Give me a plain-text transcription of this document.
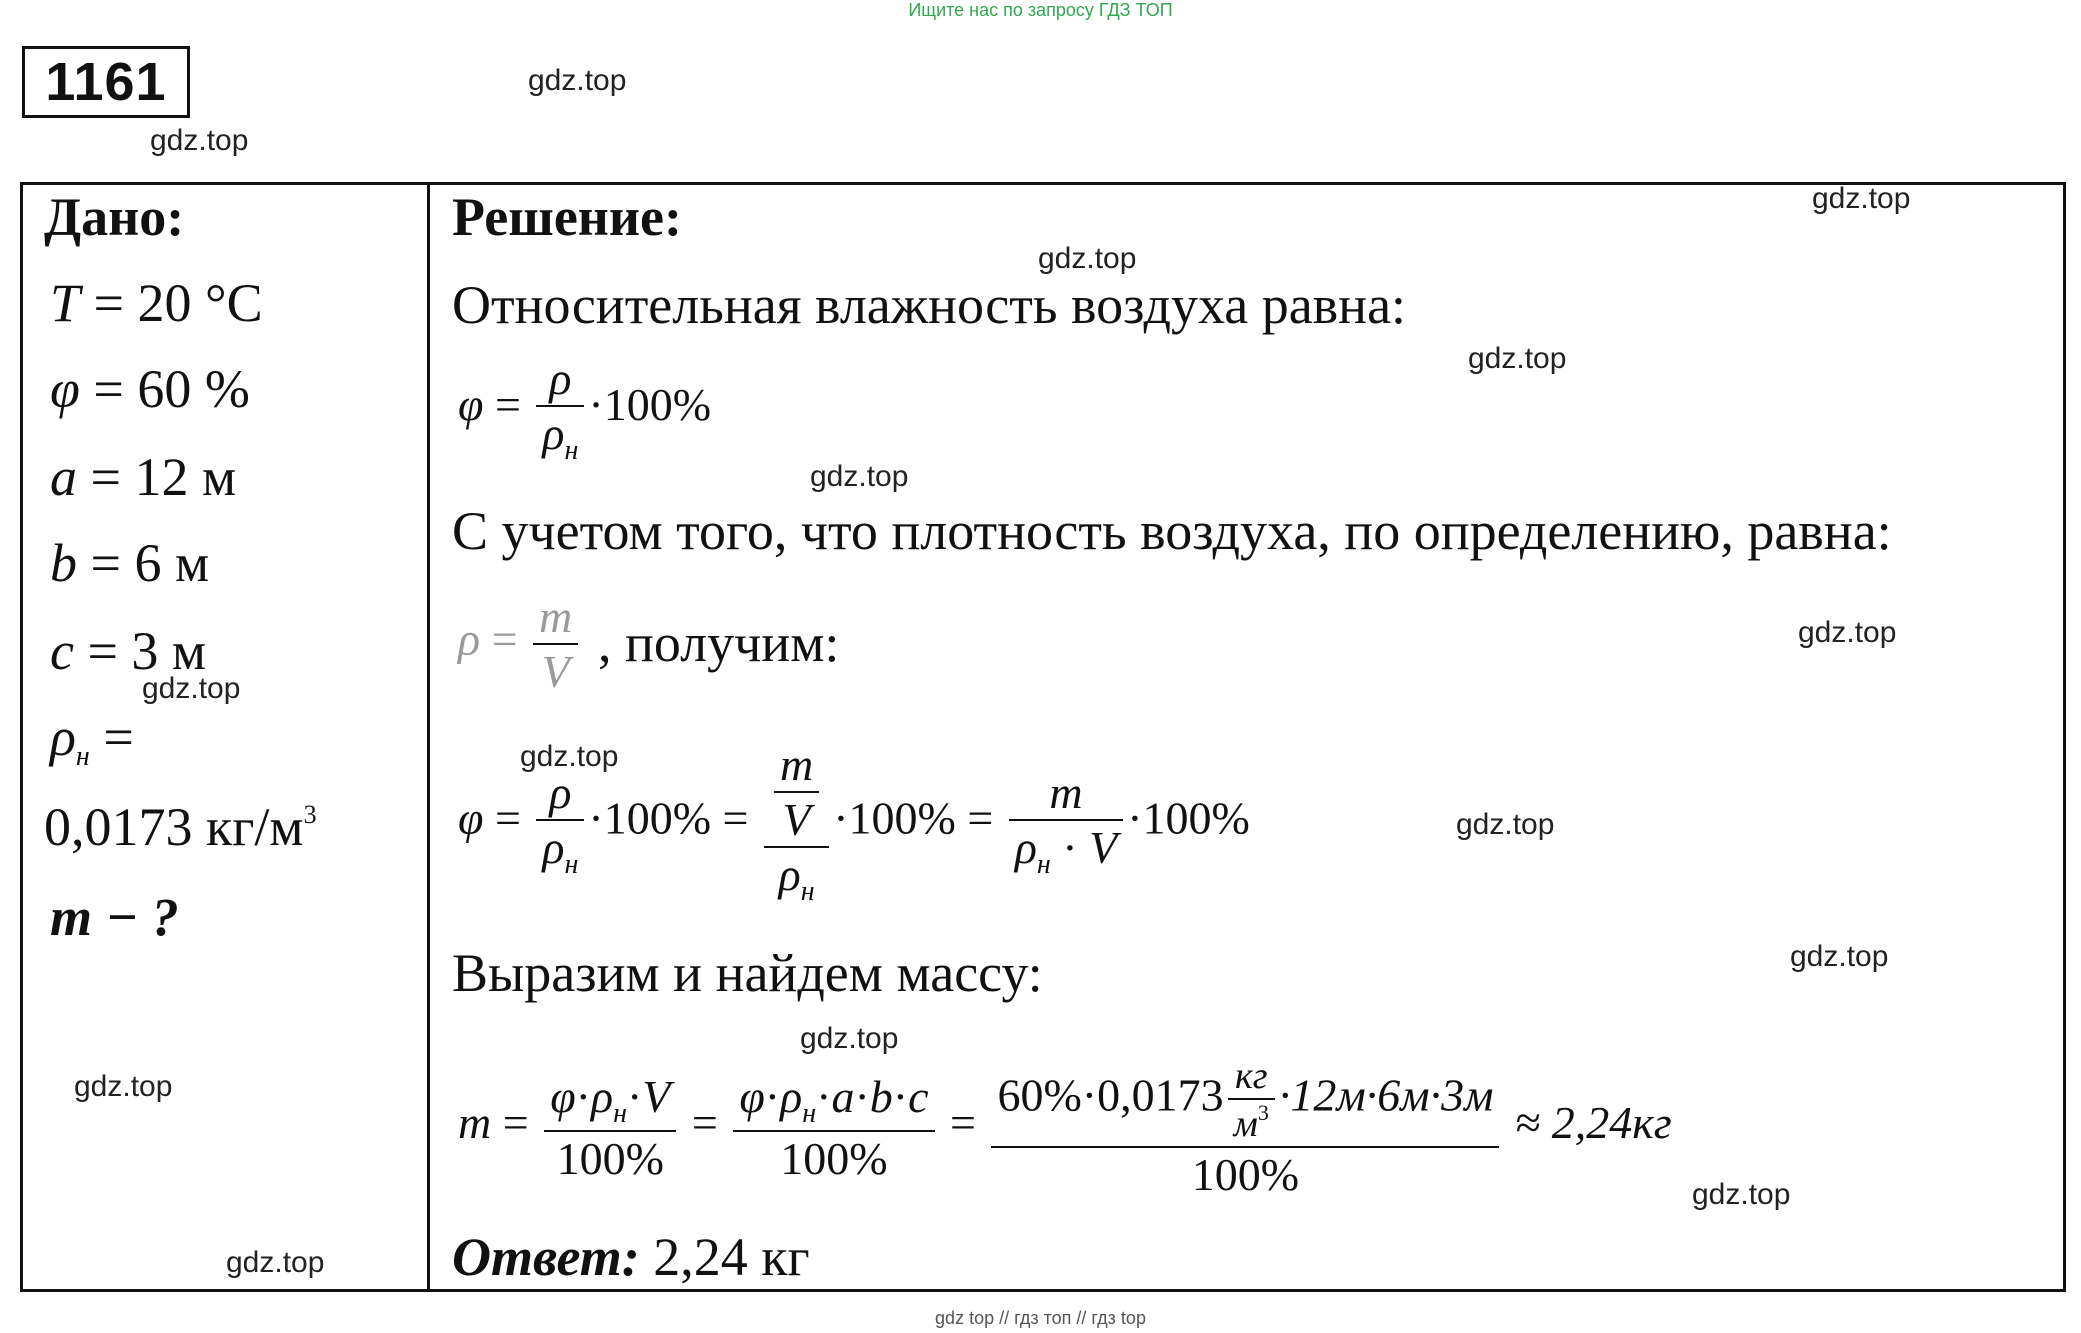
Ищите нас по запросу ГДЗ ТОП
1161	gdz.top
gdz.top
gdz.top
gdz.top
gdz.top
gdz.top
gdz.top
gdz.top
gdz.top
gdz.top
gdz.top
gdz.top
gdz.top
gdz.top
gdz.top
Дано:
T = 20 °C
φ = 60 %
a = 12 м
b = 6 м
c = 3 м
$\rho_н$ =
0,0173 $кг/м^3$
m − ?
Решение:
Относительная влажность воздуха равна:
$\varphi = \frac{\rho}{\rho_н} \cdot 100\%$
С учетом того, что плотность воздуха, по определению, равна:
$\rho = \frac{m}{V}$ , получим:
$\varphi = \frac{\rho}{\rho_н} \cdot 100\% = \frac{\frac{m}{V}}{\rho_н} \cdot 100\% = \frac{m}{\rho_н \cdot V} \cdot 100\%$
Выразим и найдем массу:
$m = \frac{\varphi\cdot\rho_н\cdot V}{100\%} = \frac{\varphi\cdot\rho_н\cdot a\cdot b\cdot c}{100\%} = \frac{60\%\cdot 0,0173 \frac{кг}{м^3} \cdot 12м\cdot 6м\cdot 3м}{100\%} \approx 2,24кг$
Ответ: 2,24 кг
gdz top // гдз топ // гдз top
